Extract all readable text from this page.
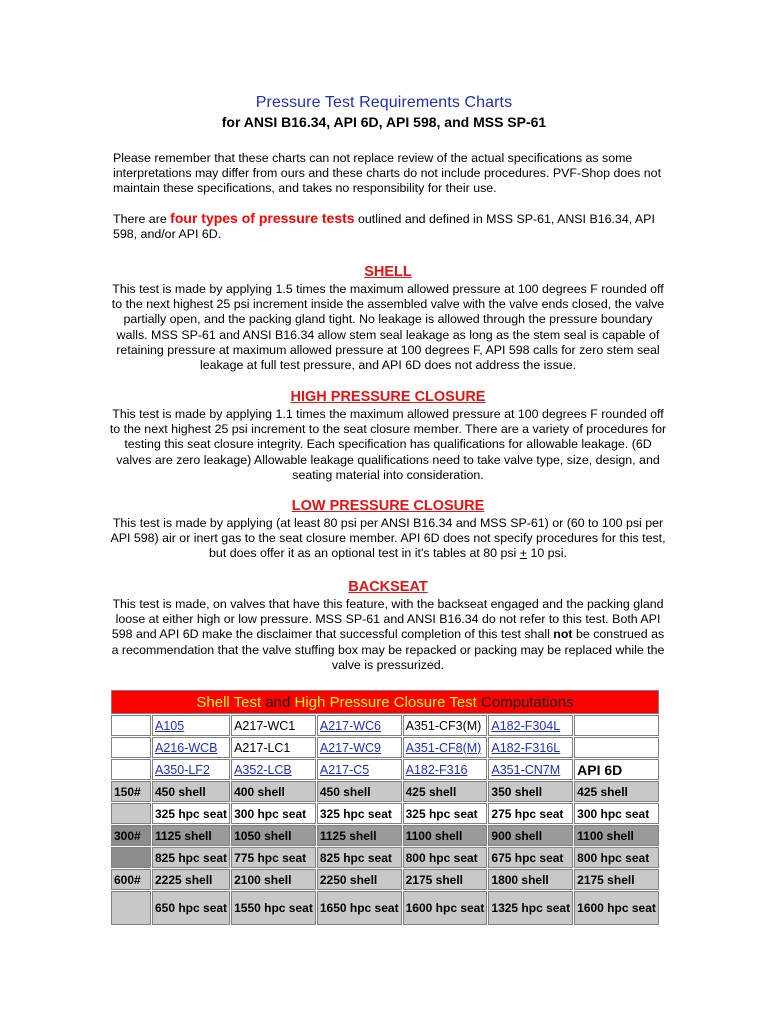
Pressure Test Requirements Charts
for ANSI B16.34, API 6D, API 598, and MSS SP-61
Please remember that these charts can not replace review of the actual specifications as some interpretations may differ from ours and these charts do not include procedures. PVF-Shop does not maintain these specifications, and takes no responsibility for their use.
There are four types of pressure tests outlined and defined in MSS SP-61, ANSI B16.34, API 598, and/or API 6D.
SHELL
This test is made by applying 1.5 times the maximum allowed pressure at 100 degrees F rounded off to the next highest 25 psi increment inside the assembled valve with the valve ends closed, the valve partially open, and the packing gland tight. No leakage is allowed through the pressure boundary walls. MSS SP-61 and ANSI B16.34 allow stem seal leakage as long as the stem seal is capable of retaining pressure at maximum allowed pressure at 100 degrees F, API 598 calls for zero stem seal leakage at full test pressure, and API 6D does not address the issue.
HIGH PRESSURE CLOSURE
This test is made by applying 1.1 times the maximum allowed pressure at 100 degrees F rounded off to the next highest 25 psi increment to the seat closure member. There are a variety of procedures for testing this seat closure integrity. Each specification has qualifications for allowable leakage. (6D valves are zero leakage) Allowable leakage qualifications need to take valve type, size, design, and seating material into consideration.
LOW PRESSURE CLOSURE
This test is made by applying (at least 80 psi per ANSI B16.34 and MSS SP-61) or (60 to 100 psi per API 598) air or inert gas to the seat closure member. API 6D does not specify procedures for this test, but does offer it as an optional test in it's tables at 80 psi + 10 psi.
BACKSEAT
This test is made, on valves that have this feature, with the backseat engaged and the packing gland loose at either high or low pressure. MSS SP-61 and ANSI B16.34 do not refer to this test. Both API 598 and API 6D make the disclaimer that successful completion of this test shall not be construed as a recommendation that the valve stuffing box may be repacked or packing may be replaced while the valve is pressurized.
Shell Test and High Pressure Closure Test Computations						
	A105	A217-WC1	A217-WC6	A351-CF3(M)	A182-F304L	
	A216-WCB	A217-LC1	A217-WC9	A351-CF8(M)	A182-F316L	
	A350-LF2	A352-LCB	A217-C5	A182-F316	A351-CN7M	API 6D
150#	450 shell	400 shell	450 shell	425 shell	350 shell	425 shell
	325 hpc seat	300 hpc seat	325 hpc seat	325 hpc seat	275 hpc seat	300 hpc seat
300#	1125 shell	1050 shell	1125 shell	1100 shell	900 shell	1100 shell
	825 hpc seat	775 hpc seat	825 hpc seat	800 hpc seat	675 hpc seat	800 hpc seat
600#	2225 shell	2100 shell	2250 shell	2175 shell	1800 shell	2175 shell
	650 hpc seat	1550 hpc seat	1650 hpc seat	1600 hpc seat	1325 hpc seat	1600 hpc seat
